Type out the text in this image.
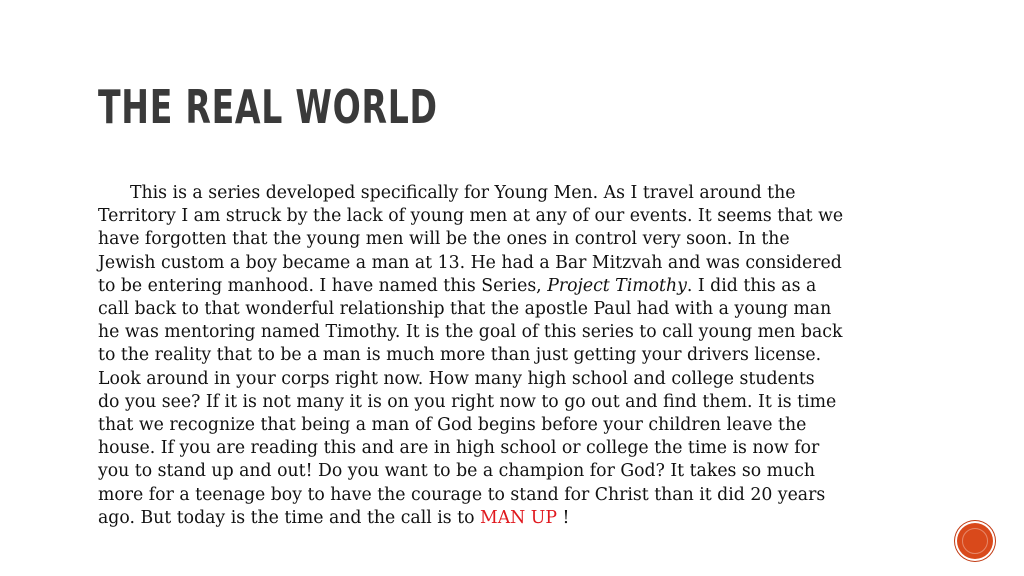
THE REAL WORLD
This is a series developed specifically for Young Men. As I travel around the
Territory I am struck by the lack of young men at any of our events. It seems that we
have forgotten that the young men will be the ones in control very soon. In the
Jewish custom a boy became a man at 13. He had a Bar Mitzvah and was considered
to be entering manhood. I have named this Series, Project Timothy. I did this as a
call back to that wonderful relationship that the apostle Paul had with a young man
he was mentoring named Timothy. It is the goal of this series to call young men back
to the reality that to be a man is much more than just getting your drivers license.
Look around in your corps right now. How many high school and college students
do you see? If it is not many it is on you right now to go out and find them. It is time
that we recognize that being a man of God begins before your children leave the
house. If you are reading this and are in high school or college the time is now for
you to stand up and out! Do you want to be a champion for God? It takes so much
more for a teenage boy to have the courage to stand for Christ than it did 20 years
ago. But today is the time and the call is to MAN UP !
